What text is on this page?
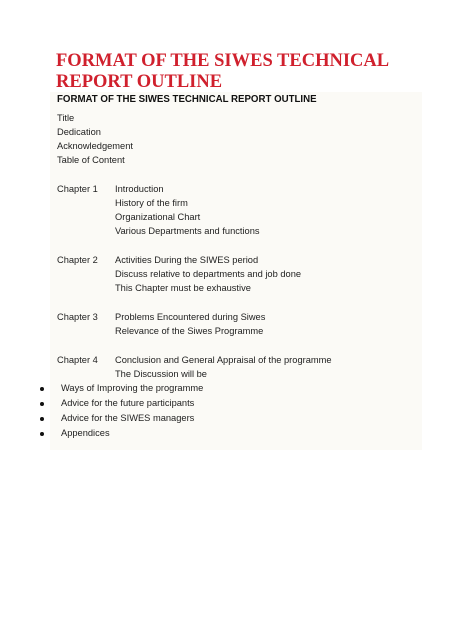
FORMAT OF THE SIWES TECHNICAL REPORT OUTLINE
FORMAT OF THE SIWES TECHNICAL REPORT OUTLINE
Title
Dedication
Acknowledgement
Table of Content
Chapter 1 Introduction
History of the firm
Organizational Chart
Various Departments and functions
Chapter 2 Activities During the SIWES period
Discuss relative to departments and job done
This Chapter must be exhaustive
Chapter 3 Problems Encountered during Siwes
Relevance of the Siwes Programme
Chapter 4 Conclusion and General Appraisal of the programme
The Discussion will be
Ways of Improving the programme
Advice for the future participants
Advice for the SIWES managers
Appendices
